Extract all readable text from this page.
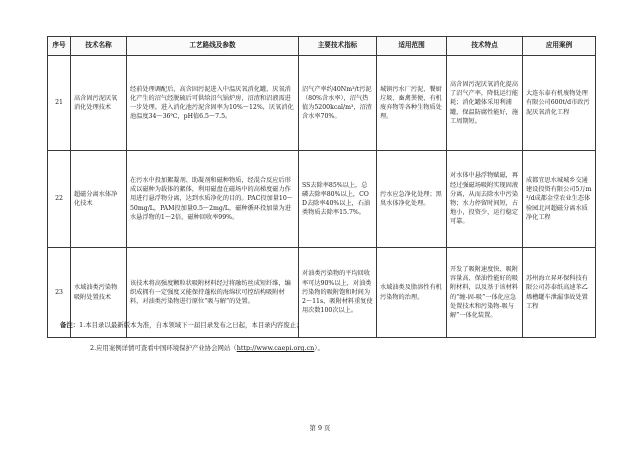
序号	技术名称	工艺路线及参数	主要技术指标	适用范围	技术特点	应用案例
21	高含固污泥厌氧消化处理技术	经前处理调配后，高含固污泥进入中温厌氧消化罐，厌氧消化产生的沼气经脱硫后可供给沼气锅炉房，沼渣和沼液需进一步处理。进入消化池污泥含固率为10%～12%，厌氧消化池温度34～36℃，pH值6.5～7.5。	沼气产率约40Nm³/t污泥（80%含水率），沼气热值为5200kcal/m³，沼渣含水率70%。	城镇污水厂污泥、餐厨垃圾、畜禽粪便、有机废弃物等各种生物质处理。	高含固污泥厌氧消化提高了沼气产率，降低运行能耗；消化罐体采用利浦罐，保温防腐性能好，施工周期短。	大连东泰有机废物处理有限公司600t/d市政污泥厌氧消化工程
22	超磁分离水体净化技术	在污水中投加絮凝剂、助凝剂和磁种物质，经混合反应后形成以磁种为载体的絮体，利用磁盘在磁场中的高梯度磁力作用进行悬浮物分离，达到水质净化的目的。PAC投加量10～50mg/L，PAM投加量0.5～2mg/L，磁种循环投加量为进水悬浮物的1～2倍，磁种回收率99%。	SS去除率85%以上，总磷去除率80%以上，COD去除率40%以上，石油类物质去除率15.7%。	污水应急净化处理；黑臭水体净化处理。	对水体中悬浮物赋磁，再经过强磁场吸附实现固液分离，从而去除水中污染物；水力停留时间短，占地小，投资少，运行稳定可靠。	成都宜思水城城乡交通建设投资有限公司5万m³/d成都金堂农业生态体验园北河超磁分离水质净化工程
23	水域油类污染物吸附处置技术	该技术将高强度颗粒状吸附材料经过将融纺丝成短纤维，编织成拥有一定强度又能保持蓬松的海绵状可控结构吸附材料，对油类污染物进行原位“吸与解”的处置。	对油类污染物的平均回收率可达90%以上，对油类污染物的吸附饱和时间为2～11s，吸附材料重复使用次数100次以上。	水域油类及脂溶性有机污染物的治理。	开发了吸附速度快、吸附容量高、保油性能好的吸附材料，以及基于该材料的“缠-固-吸”一体化应急处置技术和污染物-吸与解”一体化装置。	苏州海立昇环保科技有限公司苏泰纸高速苯乙烯槽罐车泄漏事故处置工程
备注：1.本目录以最新版本为准，自本领域下一届目录发布之日起，本目录内容废止；
2.应用案例详情可查看中国环境保护产业协会网站（http://www.caepi.org.cn）。
第 9 页
